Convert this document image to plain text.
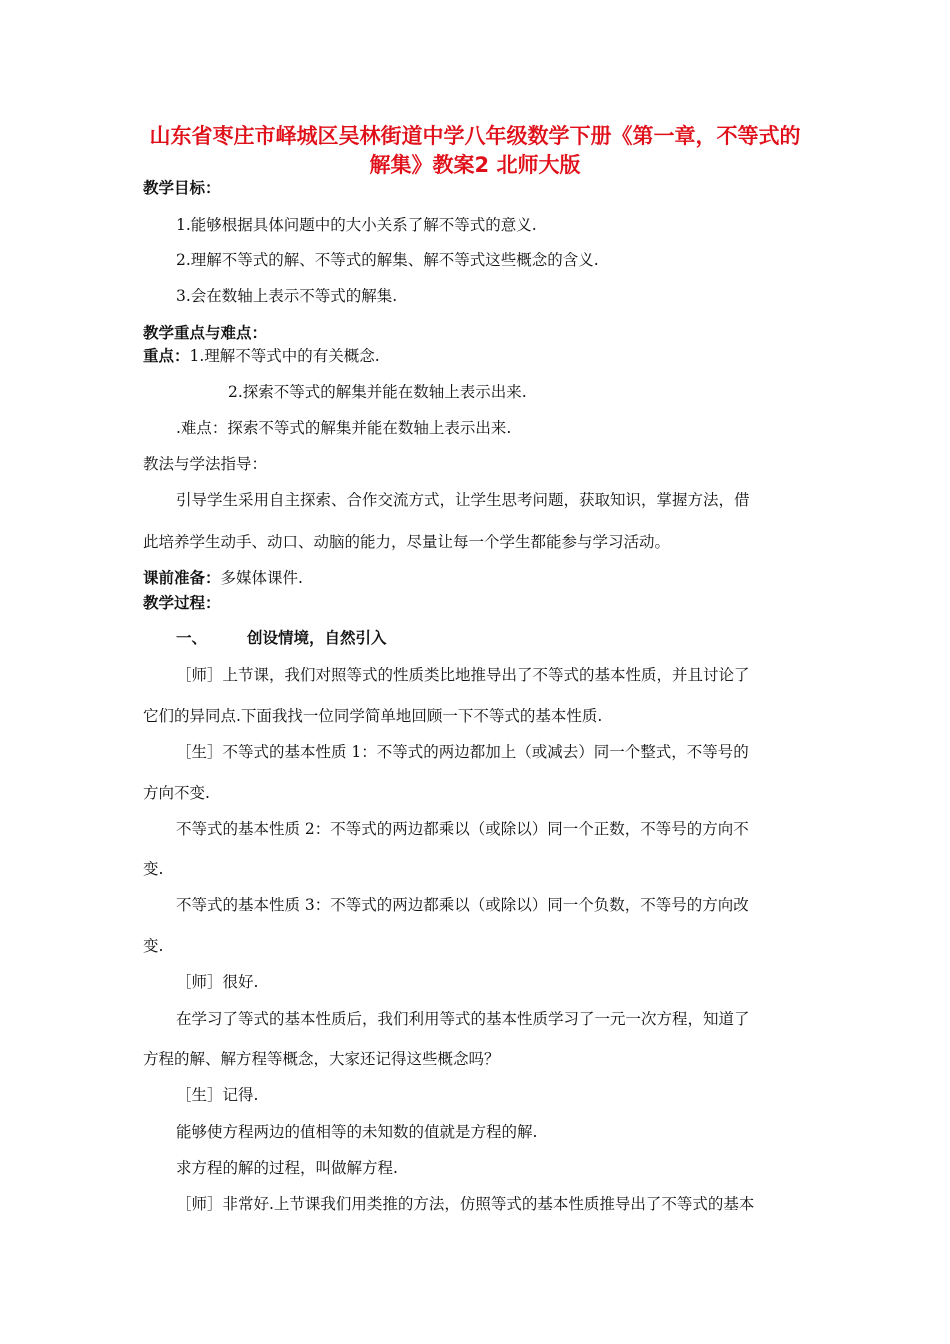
山东省枣庄市峄城区吴林街道中学八年级数学下册《第一章，不等式的解集》教案2 北师大版
教学目标：
1.能够根据具体问题中的大小关系了解不等式的意义.
2.理解不等式的解、不等式的解集、解不等式这些概念的含义.
3.会在数轴上表示不等式的解集.
教学重点与难点：
重点：1.理解不等式中的有关概念.
2.探索不等式的解集并能在数轴上表示出来.
.难点：探索不等式的解集并能在数轴上表示出来.
教法与学法指导：
引导学生采用自主探索、合作交流方式，让学生思考问题，获取知识，掌握方法，借
此培养学生动手、动口、动脑的能力，尽量让每一个学生都能参与学习活动。
课前准备：多媒体课件.
教学过程：
一、	创设情境，自然引入
［师］上节课，我们对照等式的性质类比地推导出了不等式的基本性质，并且讨论了
它们的异同点.下面我找一位同学简单地回顾一下不等式的基本性质.
［生］不等式的基本性质 1：不等式的两边都加上（或减去）同一个整式，不等号的
方向不变.
不等式的基本性质 2：不等式的两边都乘以（或除以）同一个正数，不等号的方向不
变.
不等式的基本性质 3：不等式的两边都乘以（或除以）同一个负数，不等号的方向改
变.
［师］很好.
在学习了等式的基本性质后，我们利用等式的基本性质学习了一元一次方程，知道了
方程的解、解方程等概念，大家还记得这些概念吗？
［生］记得.
能够使方程两边的值相等的未知数的值就是方程的解.
求方程的解的过程，叫做解方程.
［师］非常好.上节课我们用类推的方法，仿照等式的基本性质推导出了不等式的基本
